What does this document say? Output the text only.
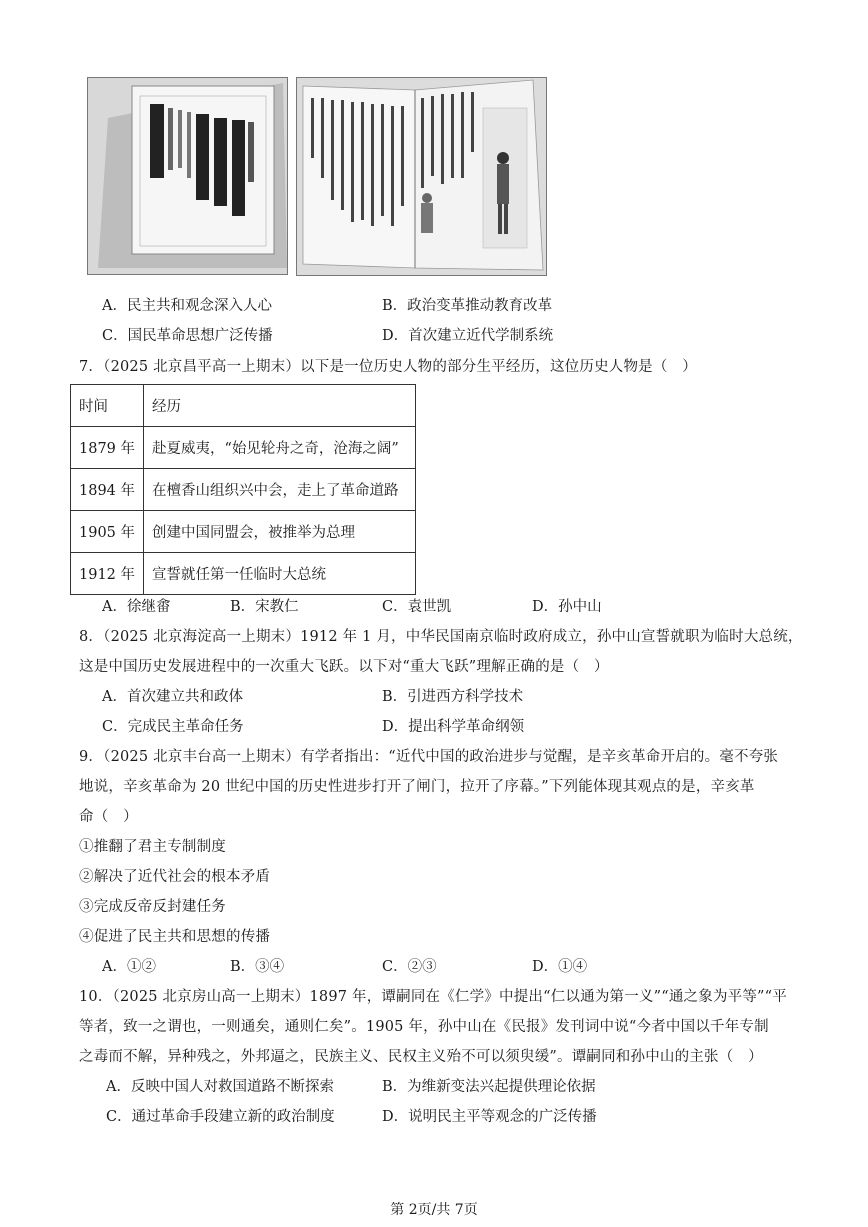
A．民主共和观念深入人心	B．政治变革推动教育改革
C．国民革命思想广泛传播	D．首次建立近代学制系统
7．（2025 北京昌平高一上期末）以下是一位历史人物的部分生平经历，这位历史人物是（　）
时间	经历
1879 年	赴夏威夷，“始见轮舟之奇，沧海之阔”
1894 年	在檀香山组织兴中会，走上了革命道路
1905 年	创建中国同盟会，被推举为总理
1912 年	宣誓就任第一任临时大总统
A．徐继畬	B．宋教仁	C．袁世凯	D．孙中山
8．（2025 北京海淀高一上期末）1912 年 1 月，中华民国南京临时政府成立，孙中山宣誓就职为临时大总统，
这是中国历史发展进程中的一次重大飞跃。以下对“重大飞跃”理解正确的是（　）
A．首次建立共和政体	B．引进西方科学技术
C．完成民主革命任务	D．提出科学革命纲领
9．（2025 北京丰台高一上期末）有学者指出：“近代中国的政治进步与觉醒，是辛亥革命开启的。毫不夸张
地说，辛亥革命为 20 世纪中国的历史性进步打开了闸门，拉开了序幕。”下列能体现其观点的是，辛亥革
命（　）
①推翻了君主专制制度
②解决了近代社会的根本矛盾
③完成反帝反封建任务
④促进了民主共和思想的传播
A．①②	B．③④	C．②③	D．①④
10．（2025 北京房山高一上期末）1897 年，谭嗣同在《仁学》中提出“仁以通为第一义”“通之象为平等”“平
等者，致一之谓也，一则通矣，通则仁矣”。1905 年，孙中山在《民报》发刊词中说“今者中国以千年专制
之毒而不解，异种残之，外邦逼之，民族主义、民权主义殆不可以须臾缓”。谭嗣同和孙中山的主张（　）
A．反映中国人对救国道路不断探索	B．为维新变法兴起提供理论依据
C．通过革命手段建立新的政治制度	D．说明民主平等观念的广泛传播
第 2页/共 7页
